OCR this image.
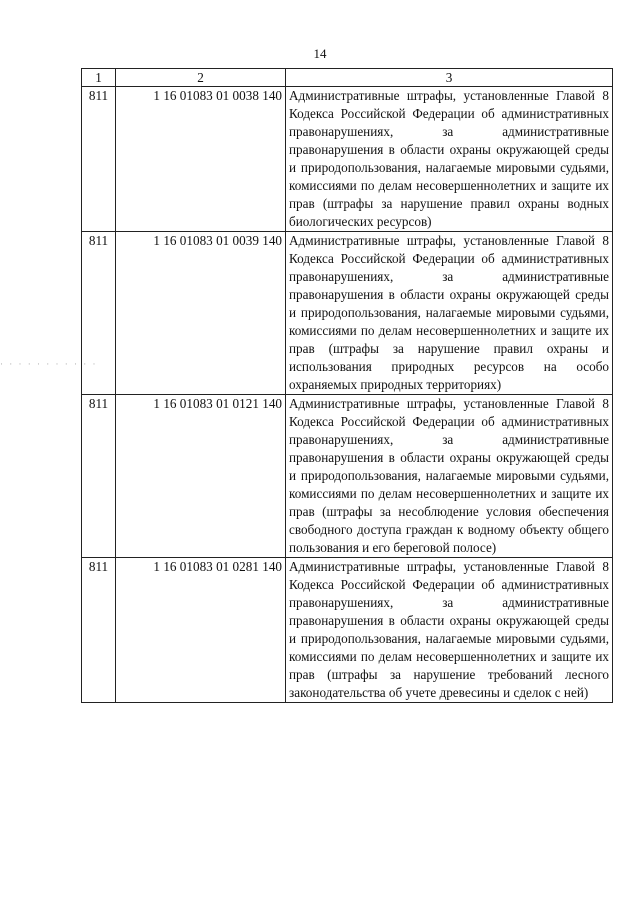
14
· · · · · · · · · · ·
1	2	3
811	1 16 01083 01 0038 140	Административные штрафы, установленные Главой 8 Кодекса Российской Федерации об административных правонарушениях, за административные правонарушения в области охраны окружающей среды и природопользования, налагаемые мировыми судьями, комиссиями по делам несовершеннолетних и защите их прав (штрафы за нарушение правил охраны водных биологических ресурсов)
811	1 16 01083 01 0039 140	Административные штрафы, установленные Главой 8 Кодекса Российской Федерации об административных правонарушениях, за административные правонарушения в области охраны окружающей среды и природопользования, налагаемые мировыми судьями, комиссиями по делам несовершеннолетних и защите их прав (штрафы за нарушение правил охраны и использования природных ресурсов на особо охраняемых природных территориях)
811	1 16 01083 01 0121 140	Административные штрафы, установленные Главой 8 Кодекса Российской Федерации об административных правонарушениях, за административные правонарушения в области охраны окружающей среды и природопользования, налагаемые мировыми судьями, комиссиями по делам несовершеннолетних и защите их прав (штрафы за несоблюдение условия обеспечения свободного доступа граждан к водному объекту общего пользования и его береговой полосе)
811	1 16 01083 01 0281 140	Административные штрафы, установленные Главой 8 Кодекса Российской Федерации об административных правонарушениях, за административные правонарушения в области охраны окружающей среды и природопользования, налагаемые мировыми судьями, комиссиями по делам несовершеннолетних и защите их прав (штрафы за нарушение требований лесного законодательства об учете древесины и сделок с ней)
